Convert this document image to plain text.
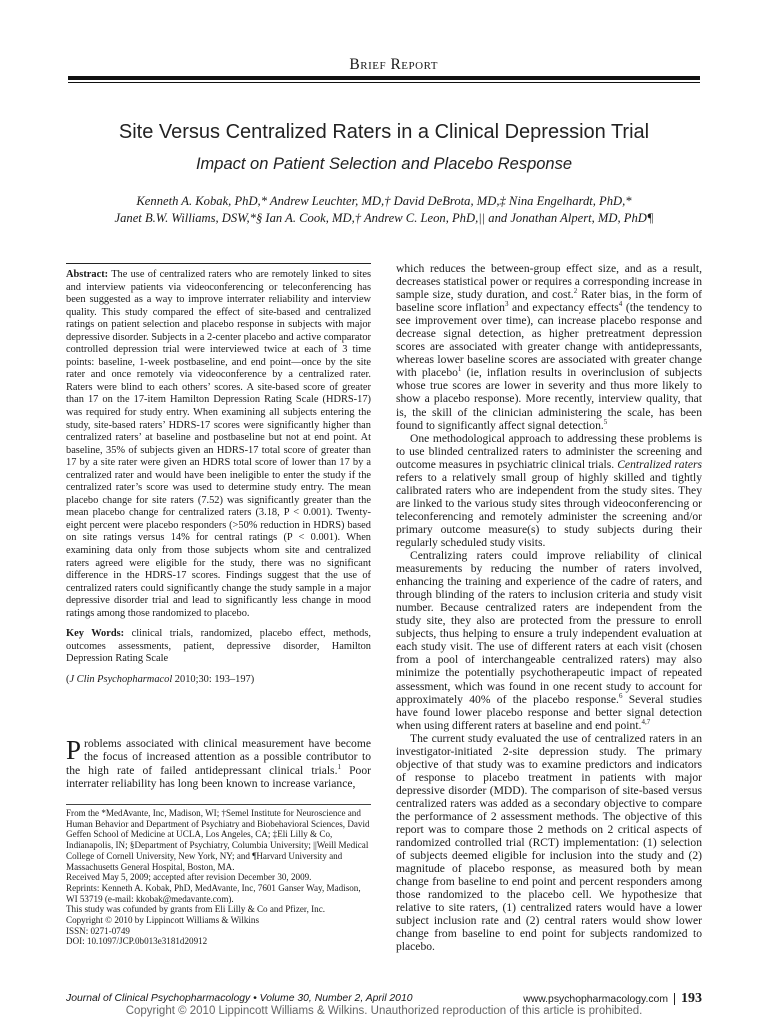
Brief Report
Site Versus Centralized Raters in a Clinical Depression Trial
Impact on Patient Selection and Placebo Response
Kenneth A. Kobak, PhD,* Andrew Leuchter, MD,† David DeBrota, MD,‡ Nina Engelhardt, PhD,*
Janet B.W. Williams, DSW,*§ Ian A. Cook, MD,† Andrew C. Leon, PhD,|| and Jonathan Alpert, MD, PhD¶

Abstract: The use of centralized raters who are remotely linked to sites and interview patients via videoconferencing or teleconferencing has been suggested as a way to improve interrater reliability and interview quality. This study compared the effect of site-based and centralized ratings on patient selection and placebo response in subjects with major depressive disorder. Subjects in a 2-center placebo and active comparator controlled depression trial were interviewed twice at each of 3 time points: baseline, 1-week postbaseline, and end point—once by the site rater and once remotely via videoconference by a centralized rater. Raters were blind to each others’ scores. A site-based score of greater than 17 on the 17-item Hamilton Depression Rating Scale (HDRS-17) was required for study entry. When examining all subjects entering the study, site-based raters’ HDRS-17 scores were significantly higher than centralized raters’ at baseline and postbaseline but not at end point. At baseline, 35% of subjects given an HDRS-17 total score of greater than 17 by a site rater were given an HDRS total score of lower than 17 by a centralized rater and would have been ineligible to enter the study if the centralized rater’s score was used to determine study entry. The mean placebo change for site raters (7.52) was significantly greater than the mean placebo change for centralized raters (3.18, P < 0.001). Twenty-eight percent were placebo responders (>50% reduction in HDRS) based on site ratings versus 14% for central ratings (P < 0.001). When examining data only from those subjects whom site and centralized raters agreed were eligible for the study, there was no significant difference in the HDRS-17 scores. Findings suggest that the use of centralized raters could significantly change the study sample in a major depressive disorder trial and lead to significantly less change in mood ratings among those randomized to placebo.

Key Words: clinical trials, randomized, placebo effect, methods, outcomes assessments, patient, depressive disorder, Hamilton Depression Rating Scale

(J Clin Psychopharmacol 2010;30: 193–197)

Problems associated with clinical measurement have become the focus of increased attention as a possible contributor to the high rate of failed antidepressant clinical trials.$^1$ Poor interrater reliability has long been known to increase variance,

From the *MedAvante, Inc, Madison, WI; †Semel Institute for Neuroscience and Human Behavior and Department of Psychiatry and Biobehavioral Sciences, David Geffen School of Medicine at UCLA, Los Angeles, CA; ‡Eli Lilly & Co, Indianapolis, IN; §Department of Psychiatry, Columbia University; ||Weill Medical College of Cornell University, New York, NY; and ¶Harvard University and Massachusetts General Hospital, Boston, MA.

Received May 5, 2009; accepted after revision December 30, 2009.

Reprints: Kenneth A. Kobak, PhD, MedAvante, Inc, 7601 Ganser Way, Madison, WI 53719 (e-mail: kkobak@medavante.com).

This study was cofunded by grants from Eli Lilly & Co and Pfizer, Inc.

Copyright © 2010 by Lippincott Williams & Wilkins

ISSN: 0271-0749

DOI: 10.1097/JCP.0b013e3181d20912

which reduces the between-group effect size, and as a result, decreases statistical power or requires a corresponding increase in sample size, study duration, and cost.$^2$ Rater bias, in the form of baseline score inflation$^3$ and expectancy effects$^4$ (the tendency to see improvement over time), can increase placebo response and decrease signal detection, as higher pretreatment depression scores are associated with greater change with antidepressants, whereas lower baseline scores are associated with greater change with placebo$^1$ (ie, inflation results in overinclusion of subjects whose true scores are lower in severity and thus more likely to show a placebo response). More recently, interview quality, that is, the skill of the clinician administering the scale, has been found to significantly affect signal detection.$^5$

One methodological approach to addressing these problems is to use blinded centralized raters to administer the screening and outcome measures in psychiatric clinical trials. Centralized raters refers to a relatively small group of highly skilled and tightly calibrated raters who are independent from the study sites. They are linked to the various study sites through videoconferencing or teleconferencing and remotely administer the screening and/or primary outcome measure(s) to study subjects during their regularly scheduled study visits.

Centralizing raters could improve reliability of clinical measurements by reducing the number of raters involved, enhancing the training and experience of the cadre of raters, and through blinding of the raters to inclusion criteria and study visit number. Because centralized raters are independent from the study site, they also are protected from the pressure to enroll subjects, thus helping to ensure a truly independent evaluation at each study visit. The use of different raters at each visit (chosen from a pool of interchangeable centralized raters) may also minimize the potentially psychotherapeutic impact of repeated assessment, which was found in one recent study to account for approximately 40% of the placebo response.$^6$ Several studies have found lower placebo response and better signal detection when using different raters at baseline and end point.$^{4,7}$

The current study evaluated the use of centralized raters in an investigator-initiated 2-site depression study. The primary objective of that study was to examine predictors and indicators of response to placebo treatment in patients with major depressive disorder (MDD). The comparison of site-based versus centralized raters was added as a secondary objective to compare the performance of 2 assessment methods. The objective of this report was to compare those 2 methods on 2 critical aspects of randomized controlled trial (RCT) implementation: (1) selection of subjects deemed eligible for inclusion into the study and (2) magnitude of placebo response, as measured both by mean change from baseline to end point and percent responders among those randomized to the placebo cell. We hypothesize that relative to site raters, (1) centralized raters would have a lower subject inclusion rate and (2) central raters would show lower change from baseline to end point for subjects randomized to placebo.

Journal of Clinical Psychopharmacology • Volume 30, Number 2, April 2010	www.psychopharmacology.com 193
Copyright © 2010 Lippincott Williams & Wilkins. Unauthorized reproduction of this article is prohibited.
